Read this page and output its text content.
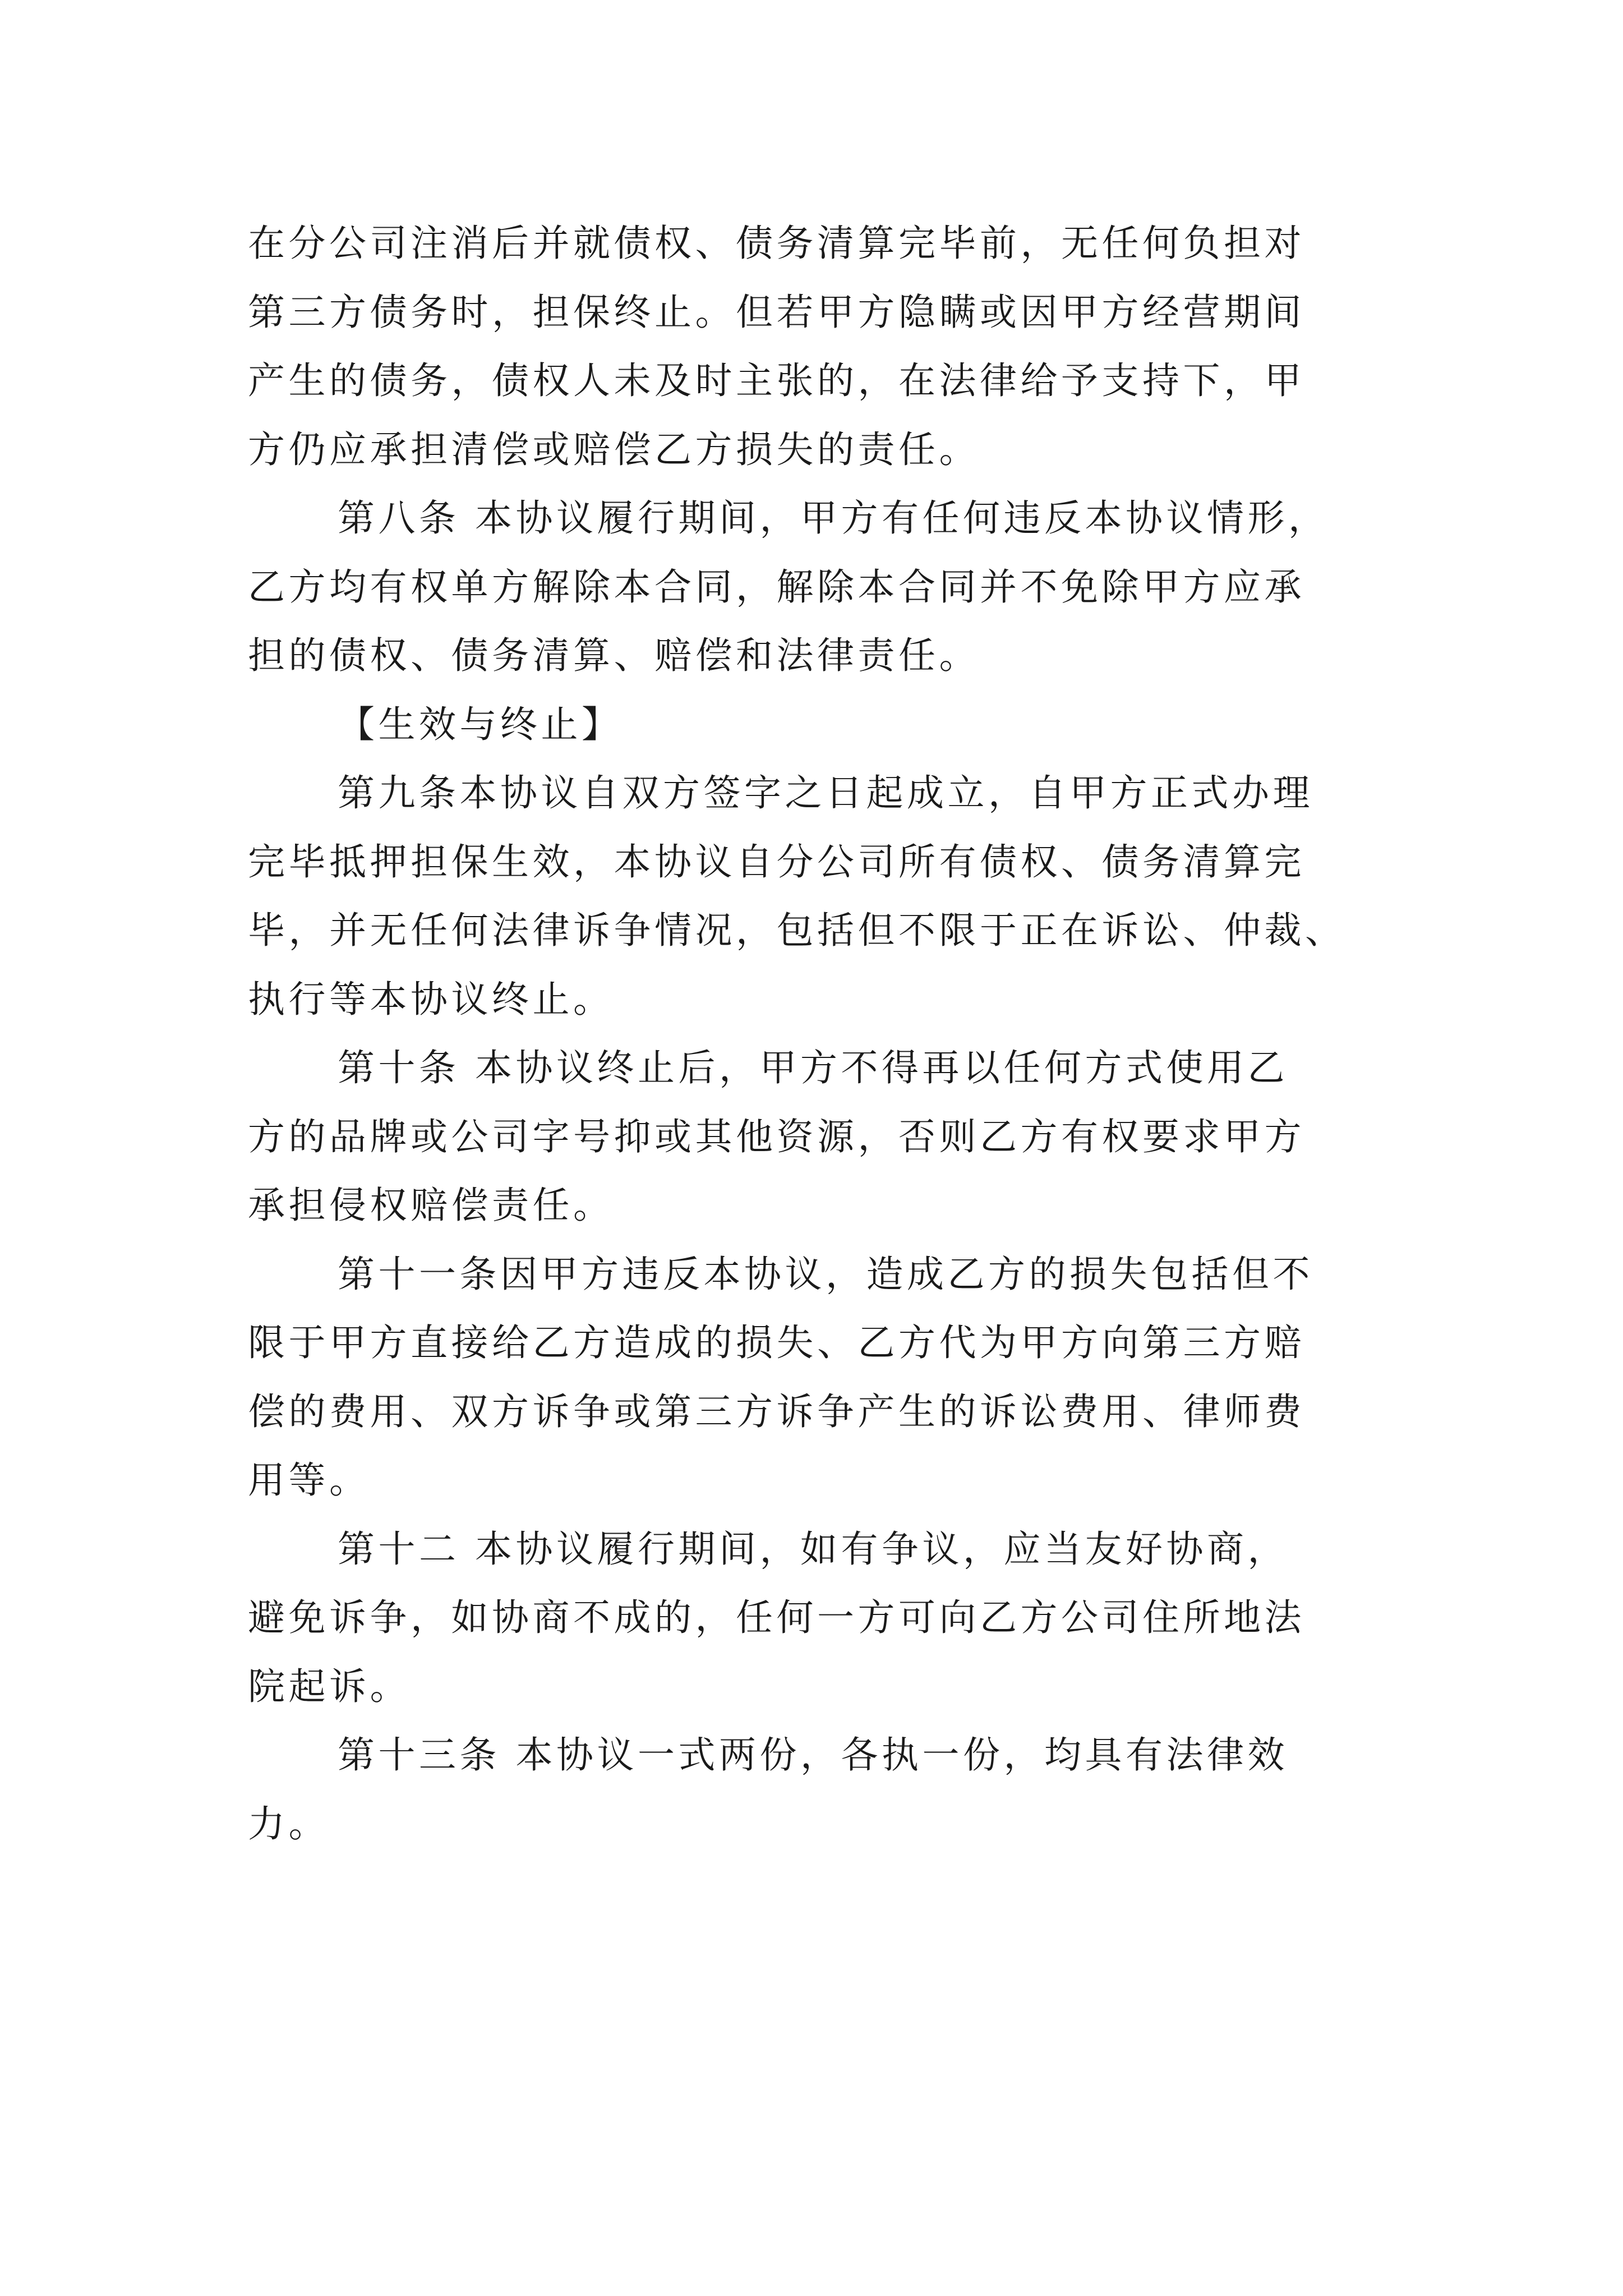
在分公司注消后并就债权、债务清算完毕前，无任何负担对
第三方债务时，担保终止。但若甲方隐瞒或因甲方经营期间
产生的债务，债权人未及时主张的，在法律给予支持下，甲
方仍应承担清偿或赔偿乙方损失的责任。
第八条 本协议履行期间，甲方有任何违反本协议情形，
乙方均有权单方解除本合同，解除本合同并不免除甲方应承
担的债权、债务清算、赔偿和法律责任。
【生效与终止】
第九条本协议自双方签字之日起成立，自甲方正式办理
完毕抵押担保生效，本协议自分公司所有债权、债务清算完
毕，并无任何法律诉争情况，包括但不限于正在诉讼、仲裁、
执行等本协议终止。
第十条 本协议终止后，甲方不得再以任何方式使用乙
方的品牌或公司字号抑或其他资源，否则乙方有权要求甲方
承担侵权赔偿责任。
第十一条因甲方违反本协议，造成乙方的损失包括但不
限于甲方直接给乙方造成的损失、乙方代为甲方向第三方赔
偿的费用、双方诉争或第三方诉争产生的诉讼费用、律师费
用等。
第十二 本协议履行期间，如有争议，应当友好协商，
避免诉争，如协商不成的，任何一方可向乙方公司住所地法
院起诉。
第十三条 本协议一式两份，各执一份，均具有法律效
力。
